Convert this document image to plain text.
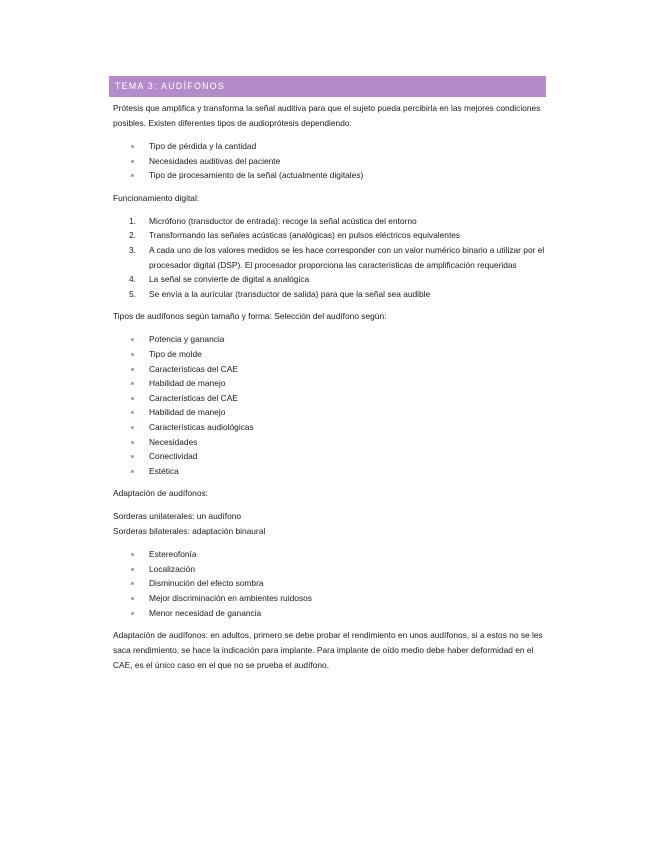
TEMA 3: AUDÍFONOS

Prótesis que amplifica y transforma la señal auditiva para que el sujeto pueda percibirla en las mejores condiciones posibles. Existen diferentes tipos de audioprótesis dependiendo:

Tipo de pérdida y la cantidad
Necesidades auditivas del paciente
Tipo de procesamiento de la señal (actualmente digitales)

Funcionamiento digital:

1. Micrófono (transductor de entrada): recoge la señal acústica del entorno
2. Transformando las señales acústicas (analógicas) en pulsos eléctricos equivalentes
3. A cada uno de los valores medidos se les hace corresponder con un valor numérico binario a utilizar por el procesador digital (DSP). El procesador proporciona las características de amplificación requeridas
4. La señal se convierte de digital a analógica
5. Se envía a la aurícular (transductor de salida) para que la señal sea audible

Tipos de audífonos según tamaño y forma: Selección del audífono según:

Potencia y ganancia
Tipo de molde
Características del CAE
Habilidad de manejo
Características del CAE
Habilidad de manejo
Características audiológicas
Necesidades
Conectividad
Estética

Adaptación de audífonos:

Sorderas unilaterales: un audífono

Sorderas bilaterales: adaptación binaural

Estereofonía
Localización
Disminución del efecto sombra
Mejor discriminación en ambientes ruidosos
Menor necesidad de ganancia

Adaptación de audífonos: en adultos, primero se debe probar el rendimiento en unos audífonos, si a estos no se les saca rendimiento, se hace la indicación para implante. Para implante de oído medio debe haber deformidad en el CAE, es el único caso en el que no se prueba el audífono.
